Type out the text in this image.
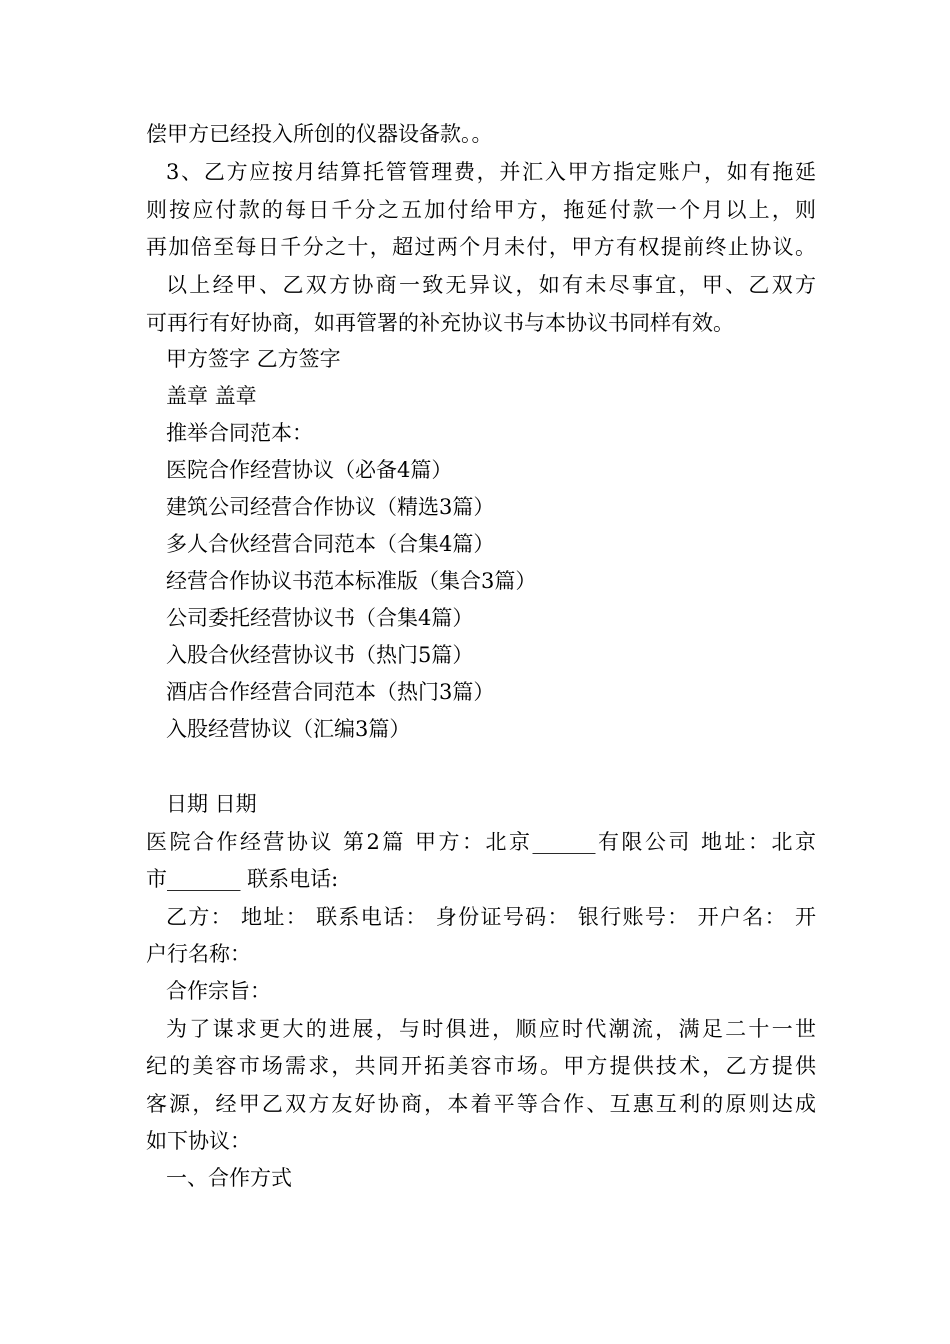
偿甲方已经投入所创的仪器设备款。。
3、乙方应按月结算托管管理费，并汇入甲方指定账户，如有拖延
则按应付款的每日千分之五加付给甲方，拖延付款一个月以上，则
再加倍至每日千分之十，超过两个月未付，甲方有权提前终止协议。
以上经甲、乙双方协商一致无异议，如有未尽事宜，甲、乙双方
可再行有好协商，如再管署的补充协议书与本协议书同样有效。
甲方签字 乙方签字
盖章 盖章
推举合同范本：
医院合作经营协议（必备4篇）
建筑公司经营合作协议（精选3篇）
多人合伙经营合同范本（合集4篇）
经营合作协议书范本标准版（集合3篇）
公司委托经营协议书（合集4篇）
入股合伙经营协议书（热门5篇）
酒店合作经营合同范本（热门3篇）
入股经营协议（汇编3篇）
日期 日期
医院合作经营协议 第2篇 甲方：北京______有限公司 地址：北京
市_______ 联系电话:
乙方： 地址： 联系电话： 身份证号码： 银行账号： 开户名： 开
户行名称：
合作宗旨：
为了谋求更大的进展，与时俱进，顺应时代潮流，满足二十一世
纪的美容市场需求，共同开拓美容市场。甲方提供技术，乙方提供
客源，经甲乙双方友好协商，本着平等合作、互惠互利的原则达成
如下协议：
一、合作方式
